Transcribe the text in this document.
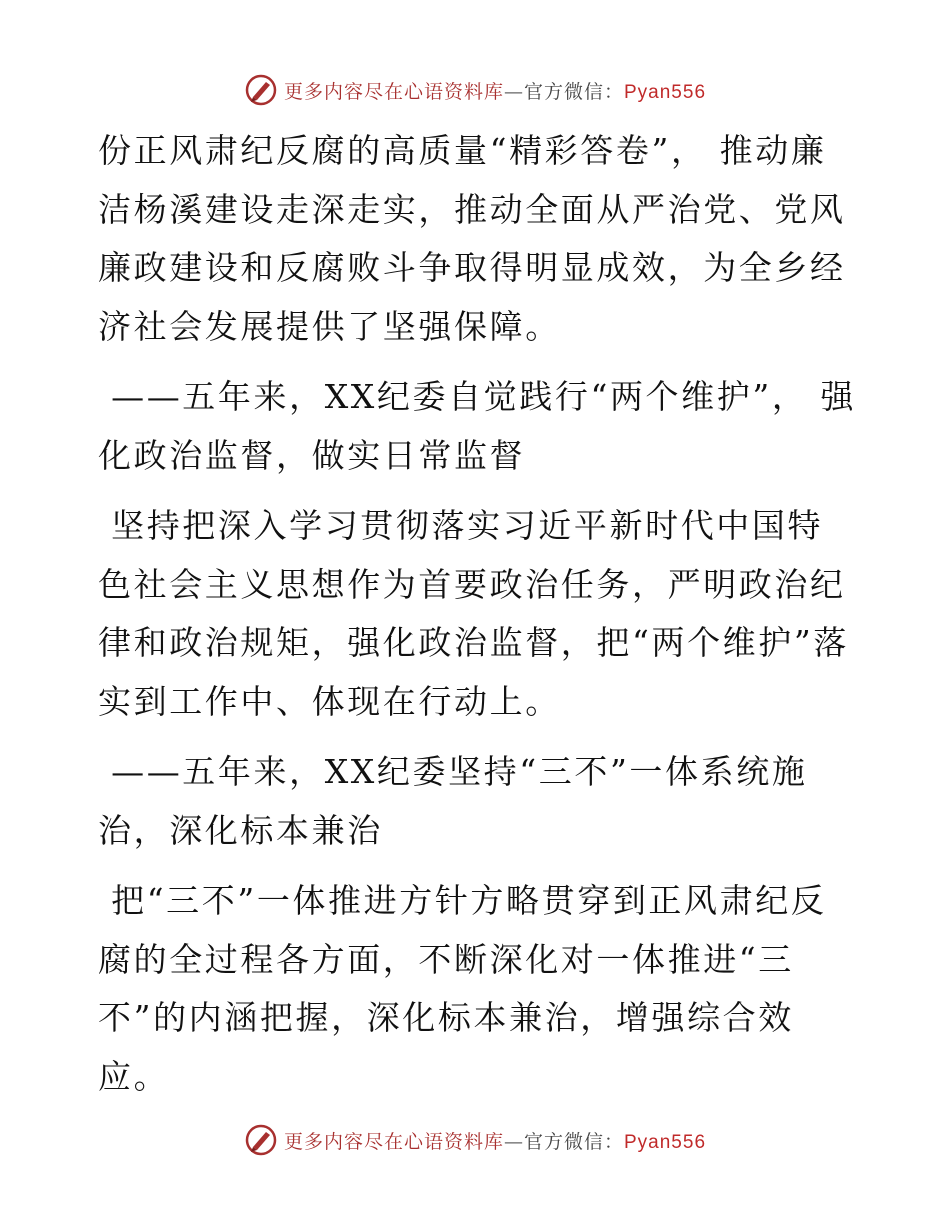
更多内容尽在心语资料库—官方微信：Pyan556

份正风肃纪反腐的高质量“精彩答卷”， 推动廉洁杨溪建设走深走实，推动全面从严治党、党风廉政建设和反腐败斗争取得明显成效，为全乡经济社会发展提供了坚强保障。

——五年来，XX纪委自觉践行“两个维护”， 强化政治监督，做实日常监督

坚持把深入学习贯彻落实习近平新时代中国特色社会主义思想作为首要政治任务，严明政治纪律和政治规矩，强化政治监督，把“两个维护”落实到工作中、体现在行动上。

——五年来，XX纪委坚持“三不”一体系统施治，深化标本兼治

把“三不”一体推进方针方略贯穿到正风肃纪反腐的全过程各方面，不断深化对一体推进“三不”的内涵把握，深化标本兼治，增强综合效应。

更多内容尽在心语资料库—官方微信：Pyan556
